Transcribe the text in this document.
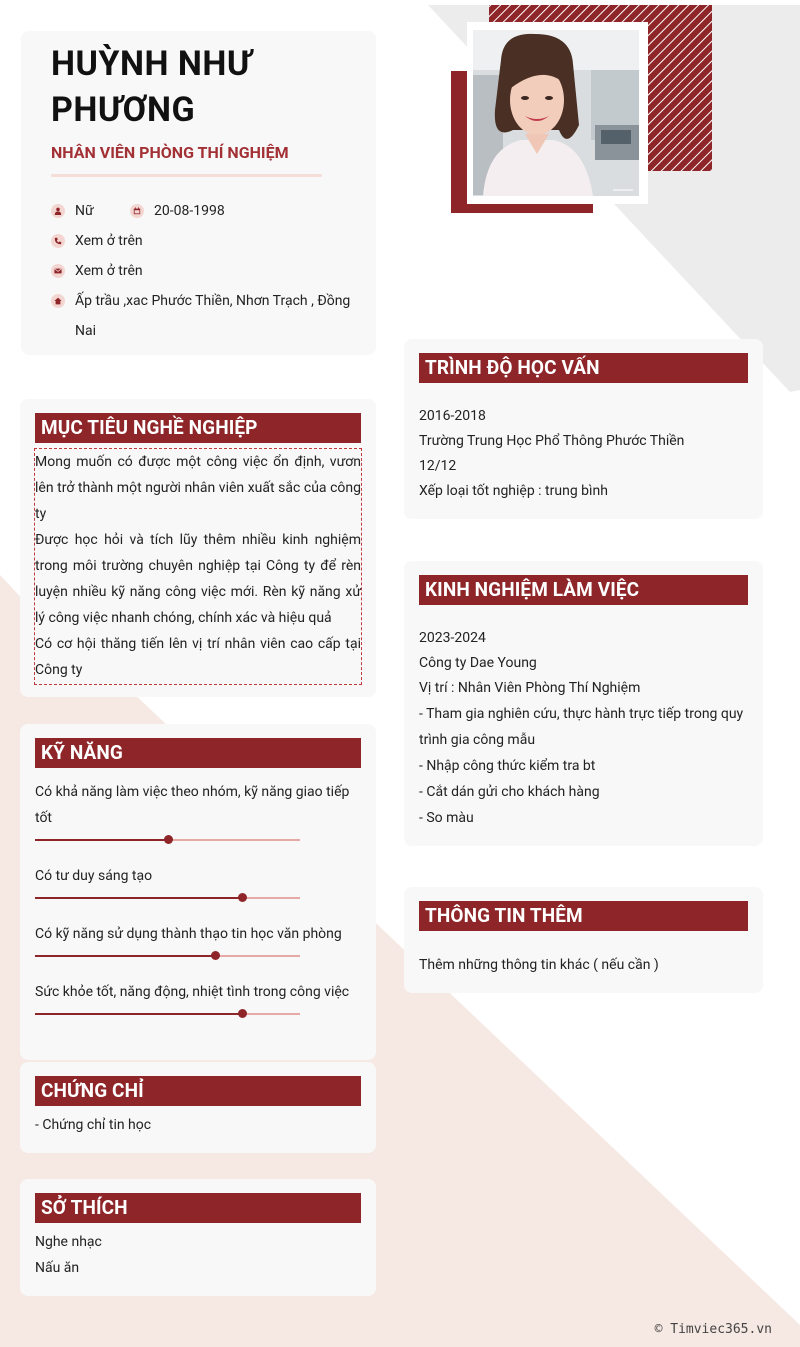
HUỲNH NHƯ PHƯƠNG
NHÂN VIÊN PHÒNG THÍ NGHIỆM
Nữ	20-08-1998
Xem ở trên
Xem ở trên
Ấp trầu ,xac Phước Thiền, Nhơn Trạch , Đồng Nai
MỤC TIÊU NGHỀ NGHIỆP
Mong muốn có được một công việc ổn định, vươn lên trở thành một người nhân viên xuất sắc của công ty
Được học hỏi và tích lũy thêm nhiều kinh nghiệm trong môi trường chuyên nghiệp tại Công ty để rèn luyện nhiều kỹ năng công việc mới. Rèn kỹ năng xử lý công việc nhanh chóng, chính xác và hiệu quả
Có cơ hội thăng tiến lên vị trí nhân viên cao cấp tại Công ty
KỸ NĂNG
Có khả năng làm việc theo nhóm, kỹ năng giao tiếp tốt
Có tư duy sáng tạo
Có kỹ năng sử dụng thành thạo tin học văn phòng
Sức khỏe tốt, năng động, nhiệt tình trong công việc
CHỨNG CHỈ
- Chứng chỉ tin học
SỞ THÍCH
Nghe nhạc
Nấu ăn
TRÌNH ĐỘ HỌC VẤN
2016-2018
Trường Trung Học Phổ Thông Phước Thiền
12/12
Xếp loại tốt nghiệp : trung bình
KINH NGHIỆM LÀM VIỆC
2023-2024
Công ty Dae Young
Vị trí : Nhân Viên Phòng Thí Nghiệm
- Tham gia nghiên cứu, thực hành trực tiếp trong quy trình gia công mẫu
- Nhập công thức kiểm tra bt
- Cắt dán gửi cho khách hàng
- So màu
THÔNG TIN THÊM
Thêm những thông tin khác ( nếu cần )
© Timviec365.vn
